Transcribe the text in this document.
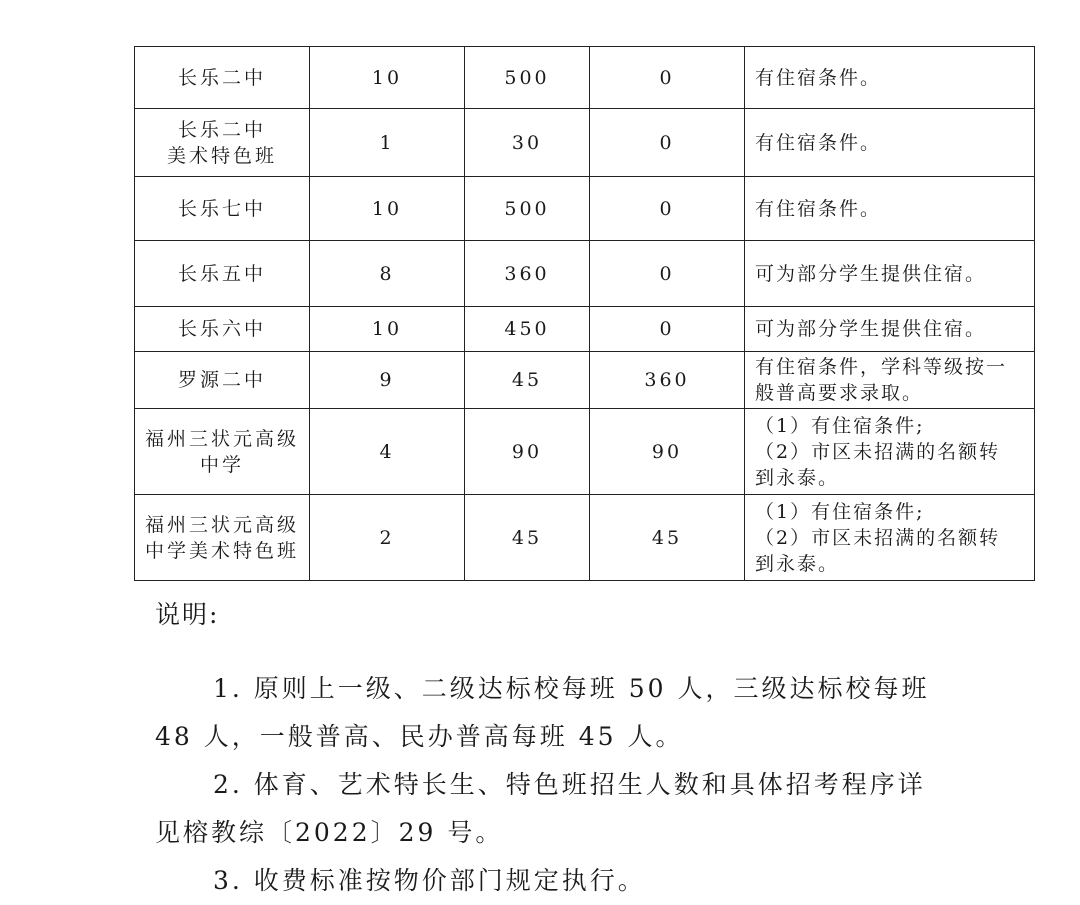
长乐二中	10	500	0	有住宿条件。

长乐二中
美术特色班	1	30	0	有住宿条件。

长乐七中	10	500	0	有住宿条件。

长乐五中	8	360	0	可为部分学生提供住宿。

长乐六中	10	450	0	可为部分学生提供住宿。

罗源二中	9	45	360	有住宿条件，学科等级按一
般普高要求录取。

福州三状元高级
中学	4	90	90	（1）有住宿条件;
（2）市区未招满的名额转
到永泰。

福州三状元高级
中学美术特色班	2	45	45	（1）有住宿条件;
（2）市区未招满的名额转
到永泰。
说明:

1. 原则上一级、二级达标校每班 50 人，三级达标校每班

48 人，一般普高、民办普高每班 45 人。

2. 体育、艺术特长生、特色班招生人数和具体招考程序详

见榕教综〔2022〕29 号。

3. 收费标准按物价部门规定执行。
